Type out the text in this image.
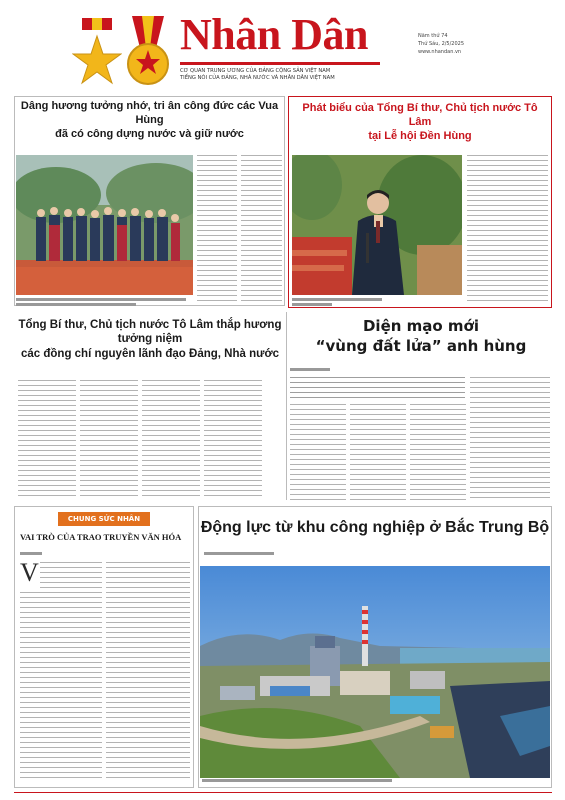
Nhân Dân
CƠ QUAN TRUNG ƯƠNG CỦA ĐẢNG CỘNG SẢN VIỆT NAM
TIẾNG NÓI CỦA ĐẢNG, NHÀ NƯỚC VÀ NHÂN DÂN VIỆT NAM
Năm thứ 74
Thứ Sáu, 2/5/2025
www.nhandan.vn
Dâng hương tưởng nhớ, tri ân công đức các Vua Hùng
đã có công dựng nước và giữ nước
Phát biểu của Tổng Bí thư, Chủ tịch nước Tô Lâm
tại Lễ hội Đền Hùng
Tổng Bí thư, Chủ tịch nước Tô Lâm thắp hương tưởng niệm
các đồng chí nguyên lãnh đạo Đảng, Nhà nước
Diện mạo mới
“vùng đất lửa” anh hùng
CHUNG SỨC NHÂN
VAI TRÒ CỦA TRAO TRUYỀN VĂN HÓA
V
Động lực từ khu công nghiệp ở Bắc Trung Bộ
